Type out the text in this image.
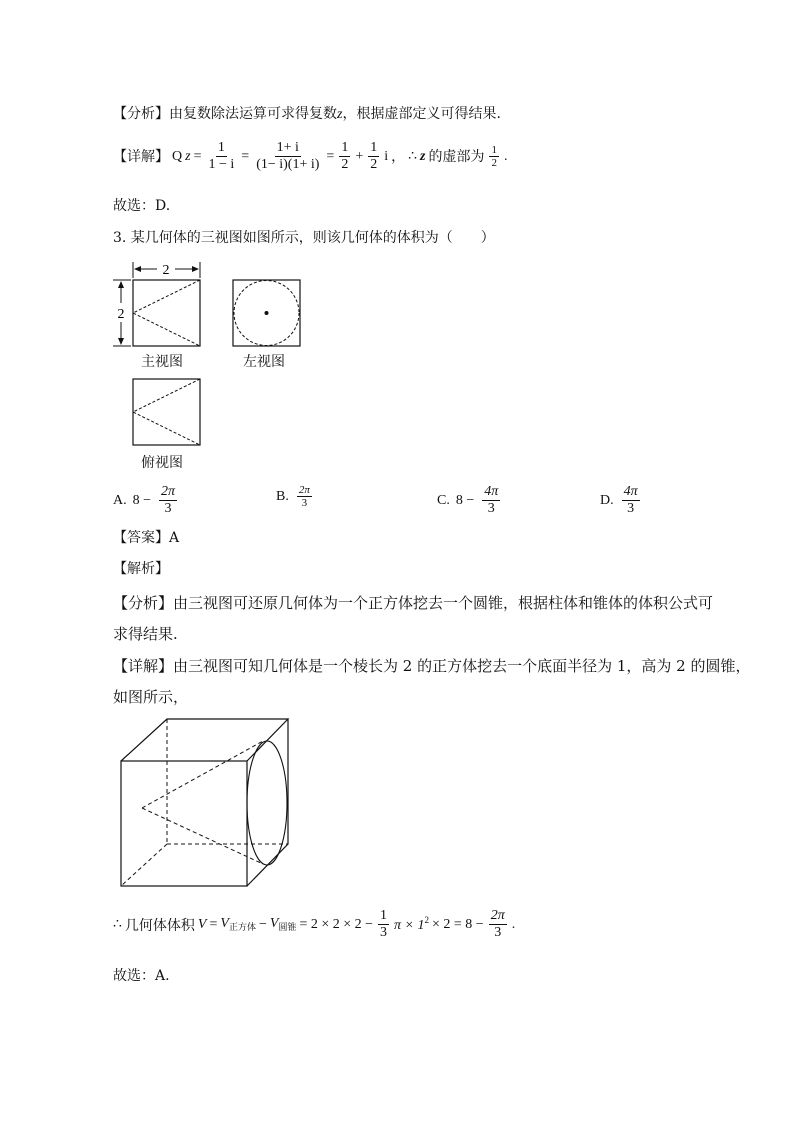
【分析】由复数除法运算可求得复数z，根据虚部定义可得结果.
【详解】 Q $z = \frac{1}{1 - i} = \frac{1+ i}{(1- i)(1+ i)} = \frac{1}{2} + \frac{1}{2}$ i ， ∴ z 的虚部为 $\frac{1}{2}$ .
故选：D.
3. 某几何体的三视图如图所示，则该几何体的体积为（　　）
2
2
主视图	左视图
俯视图
A. $8 - \frac{2\pi}{3}$	B. $\frac{2\pi}{3}$	C. $8 - \frac{4\pi}{3}$	D. $\frac{4\pi}{3}$
【答案】A
【解析】
【分析】由三视图可还原几何体为一个正方体挖去一个圆锥，根据柱体和锥体的体积公式可
求得结果.
【详解】由三视图可知几何体是一个棱长为 2 的正方体挖去一个底面半径为 1，高为 2 的圆锥，
如图所示，
∴ 几何体体积 $V = V_{正方体} - V_{圆锥} = 2 \times 2 \times 2 - \frac{1}{3}$ $\pi \times 1^2 \times 2 = 8 - \frac{2\pi}{3}$ .
故选：A.
